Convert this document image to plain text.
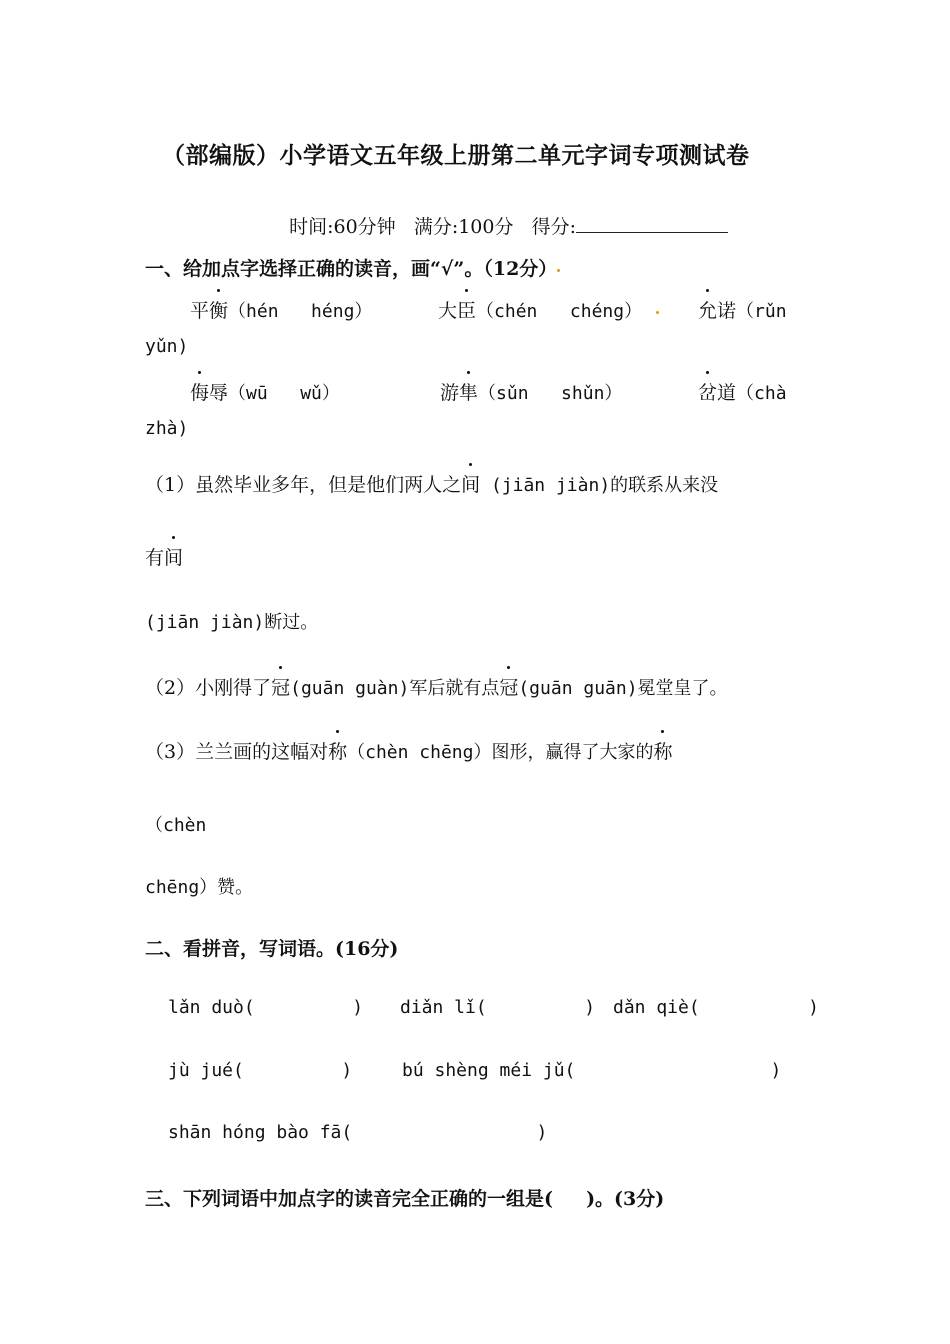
（部编版）小学语文五年级上册第二单元字词专项测试卷

时间:60分钟 满分:100分 得分:

一、给加点字选择正确的读音，画“√”。（12分）
平衡（hén   héng）	大臣（chén   chéng）	允诺（rǔn
yǔn)
侮辱（wū   wǔ）	游隼（sǔn   shǔn）	岔道（chà
zhà)
（1）虽然毕业多年，但是他们两人之间 (jiān jiàn)的联系从来没
有间
(jiān jiàn)断过。
（2）小刚得了冠(guān guàn)军后就有点冠(guān guān)冕堂皇了。
（3）兰兰画的这幅对称（chèn chēng）图形，赢得了大家的称
（chèn
chēng）赞。
二、看拼音，写词语。(16分)
lǎn duò(         ) diǎn lǐ(         ) dǎn qiè(          )
jù jué(         )	bú shèng méi jǔ(                  )
shān hóng bào fā(                 )
三、下列词语中加点字的读音完全正确的一组是(     )。(3分)
